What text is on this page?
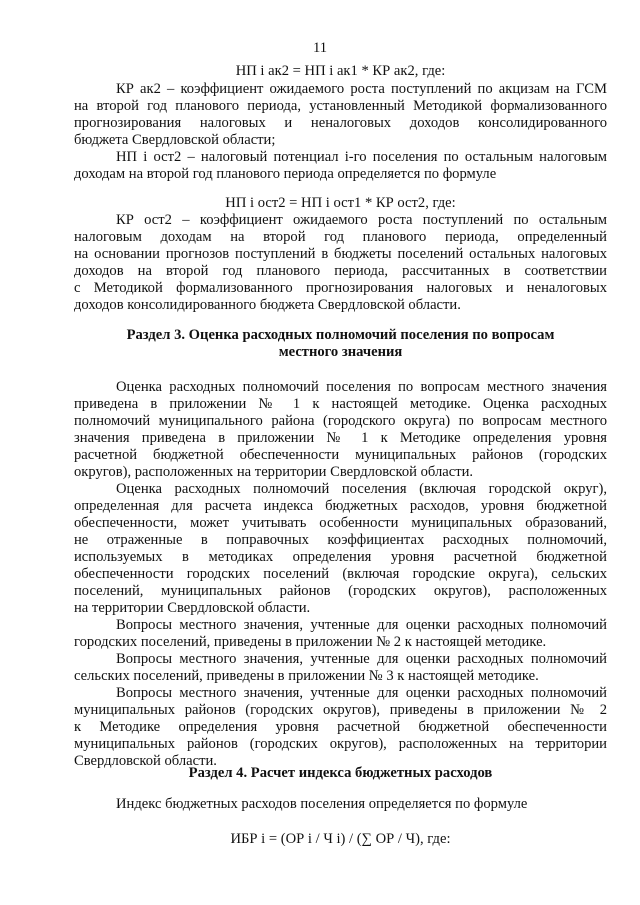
11
НП i ак2 = НП i ак1 * КР ак2, где:
КР ак2 – коэффициент ожидаемого роста поступлений по акцизам на ГСМ
на второй год планового периода, установленный Методикой формализованного
прогнозирования налоговых и неналоговых доходов консолидированного
бюджета Свердловской области;
НП i ост2 – налоговый потенциал i-го поселения по остальным налоговым
доходам на второй год планового периода определяется по формуле
НП i ост2 = НП i ост1 * КР ост2, где:
КР ост2 – коэффициент ожидаемого роста поступлений по остальным
налоговым доходам на второй год планового периода, определенный
на основании прогнозов поступлений в бюджеты поселений остальных налоговых
доходов на второй год планового периода, рассчитанных в соответствии
с Методикой формализованного прогнозирования налоговых и неналоговых
доходов консолидированного бюджета Свердловской области.
Раздел 3. Оценка расходных полномочий поселения по вопросам
местного значения
Оценка расходных полномочий поселения по вопросам местного значения
приведена в приложении № 1 к настоящей методике. Оценка расходных
полномочий муниципального района (городского округа) по вопросам местного
значения приведена в приложении № 1 к Методике определения уровня
расчетной бюджетной обеспеченности муниципальных районов (городских
округов), расположенных на территории Свердловской области.
Оценка расходных полномочий поселения (включая городской округ),
определенная для расчета индекса бюджетных расходов, уровня бюджетной
обеспеченности, может учитывать особенности муниципальных образований,
не отраженные в поправочных коэффициентах расходных полномочий,
используемых в методиках определения уровня расчетной бюджетной
обеспеченности городских поселений (включая городские округа), сельских
поселений, муниципальных районов (городских округов), расположенных
на территории Свердловской области.
Вопросы местного значения, учтенные для оценки расходных полномочий
городских поселений, приведены в приложении № 2 к настоящей методике.
Вопросы местного значения, учтенные для оценки расходных полномочий
сельских поселений, приведены в приложении № 3 к настоящей методике.
Вопросы местного значения, учтенные для оценки расходных полномочий
муниципальных районов (городских округов), приведены в приложении № 2
к Методике определения уровня расчетной бюджетной обеспеченности
муниципальных районов (городских округов), расположенных на территории
Свердловской области.
Раздел 4. Расчет индекса бюджетных расходов
Индекс бюджетных расходов поселения определяется по формуле
ИБР i = (ОР i / Ч i) / (∑ ОР / Ч), где:
